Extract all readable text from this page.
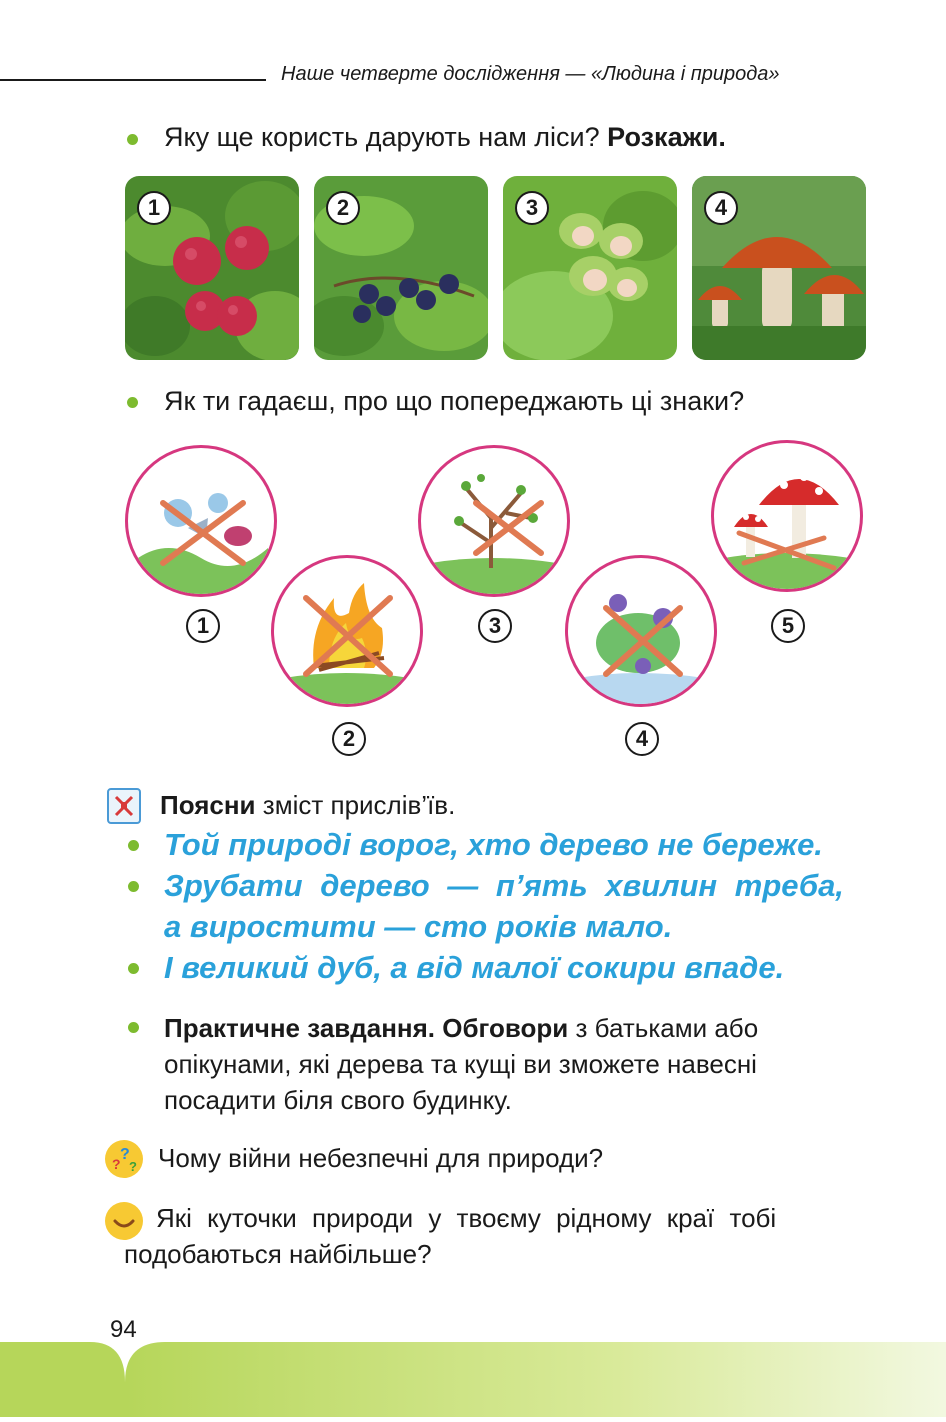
Наше четверте дослідження — «Людина і природа»
Яку ще користь дарують нам ліси? Розкажи.
1	2	3	4
Як ти гадаєш, про що попереджають ці знаки?
1
2
3
4
5
Поясни зміст прислів’їв.
Той природі ворог, хто дерево не береже.
Зрубати дерево — п’ять хвилин треба,
а виростити — сто років мало.
І великий дуб, а від малої сокири впаде.
Практичне завдання. Обговори з батьками або
опікунами, які дерева та кущі ви зможете навесні
посадити біля свого будинку.
?
?
? Чому війни небезпечні для природи?
Які куточки природи у твоєму рідному краї тобі
подобаються найбільше?
94
